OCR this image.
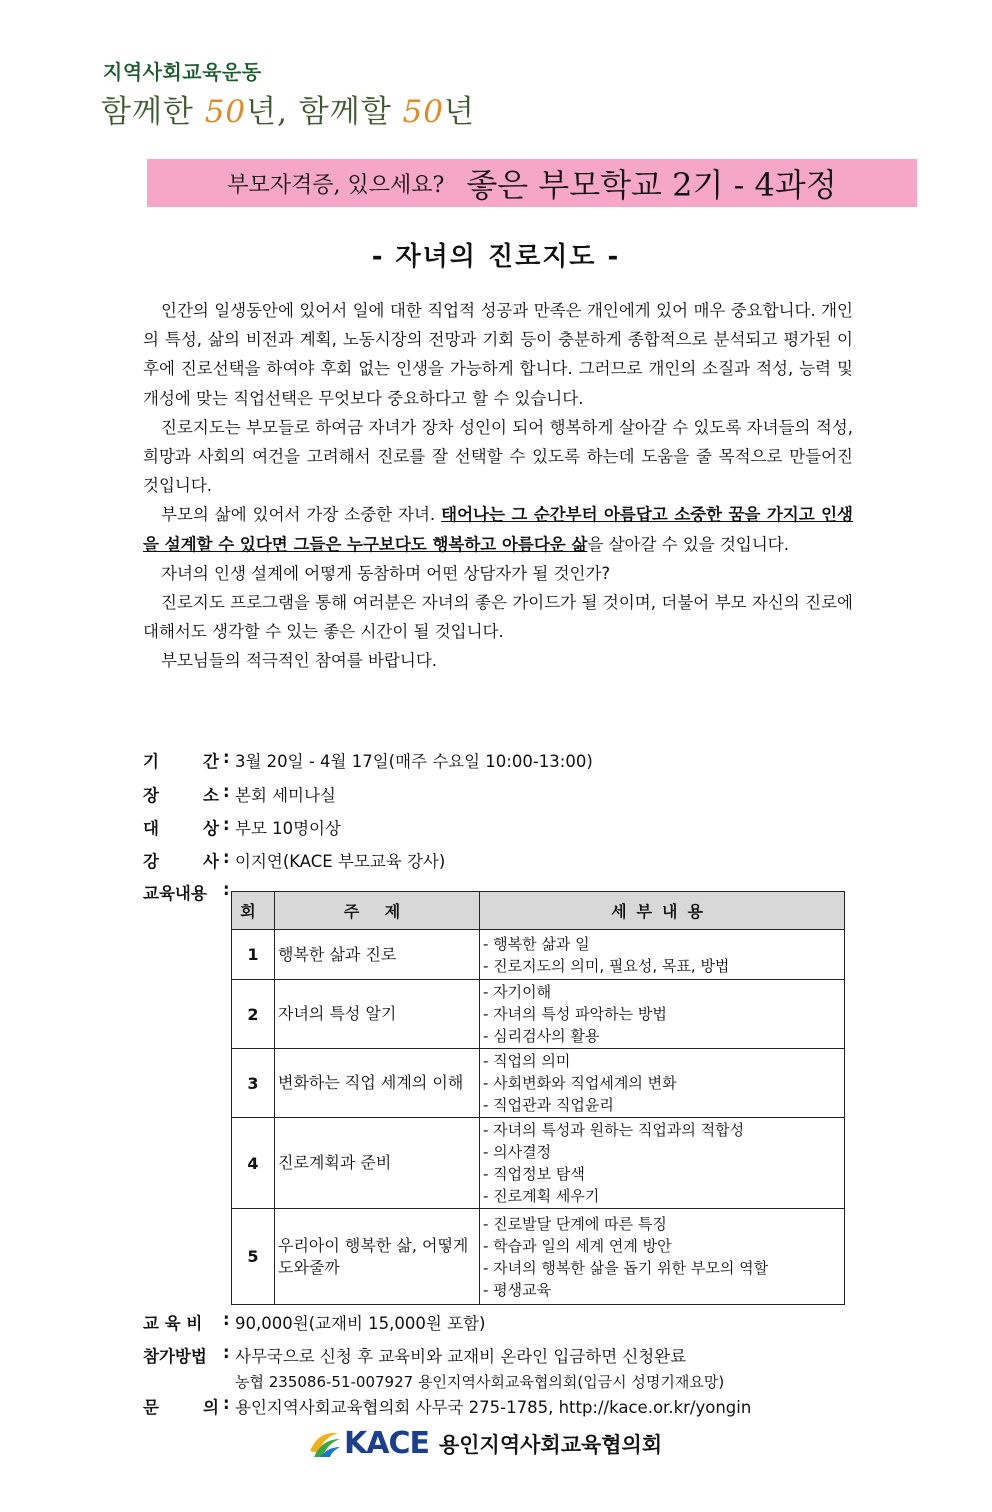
지역사회교육운동
함께한 50년, 함께할 50년
부모자격증, 있으세요? 좋은 부모학교 2기 - 4과정
- 자녀의 진로지도 -

인간의 일생동안에 있어서 일에 대한 직업적 성공과 만족은 개인에게 있어 매우 중요합니다. 개인의 특성, 삶의 비전과 계획, 노동시장의 전망과 기회 등이 충분하게 종합적으로 분석되고 평가된 이후에 진로선택을 하여야 후회 없는 인생을 가능하게 합니다. 그러므로 개인의 소질과 적성, 능력 및 개성에 맞는 직업선택은 무엇보다 중요하다고 할 수 있습니다.

진로지도는 부모들로 하여금 자녀가 장차 성인이 되어 행복하게 살아갈 수 있도록 자녀들의 적성, 희망과 사회의 여건을 고려해서 진로를 잘 선택할 수 있도록 하는데 도움을 줄 목적으로 만들어진 것입니다.

부모의 삶에 있어서 가장 소중한 자녀. 태어나는 그 순간부터 아름답고 소중한 꿈을 가지고 인생을 설계할 수 있다면 그들은 누구보다도 행복하고 아름다운 삶을 살아갈 수 있을 것입니다.

자녀의 인생 설계에 어떻게 동참하며 어떤 상담자가 될 것인가?

진로지도 프로그램을 통해 여러분은 자녀의 좋은 가이드가 될 것이며, 더불어 부모 자신의 진로에 대해서도 생각할 수 있는 좋은 시간이 될 것입니다.

부모님들의 적극적인 참여를 바랍니다.

기	간 : 3월 20일 - 4월 17일(매주 수요일 10:00-13:00)
장	소 : 본회 세미나실
대	상 : 부모 10명이상
강	사 : 이지연(KACE 부모교육 강사)
교육내용 :
회	주 제	세부내용
1	행복한 삶과 진로	- 행복한 삶과 일
- 진로지도의 의미, 필요성, 목표, 방법

2	자녀의 특성 알기	- 자기이해
- 자녀의 특성 파악하는 방법
- 심리검사의 활용

3	변화하는 직업 세계의 이해	- 직업의 의미
- 사회변화와 직업세계의 변화
- 직업관과 직업윤리

4	진로계획과 준비	- 자녀의 특성과 원하는 직업과의 적합성
- 의사결정
- 직업정보 탐색
- 진로계획 세우기

5	우리아이 행복한 삶, 어떻게 도와줄까	- 진로발달 단계에 따른 특징
- 학습과 일의 세계 연계 방안
- 자녀의 행복한 삶을 돕기 위한 부모의 역할
- 평생교육
교 육 비	: 90,000원(교재비 15,000원 포함)
참가방법 : 사무국으로 신청 후 교육비와 교재비 온라인 입금하면 신청완료
농협 235086-51-007927 용인지역사회교육협의회(입금시 성명기재요망)
문	의 : 용인지역사회교육협의회 사무국 275-1785, http://kace.or.kr/yongin
KACE 용인지역사회교육협의회
